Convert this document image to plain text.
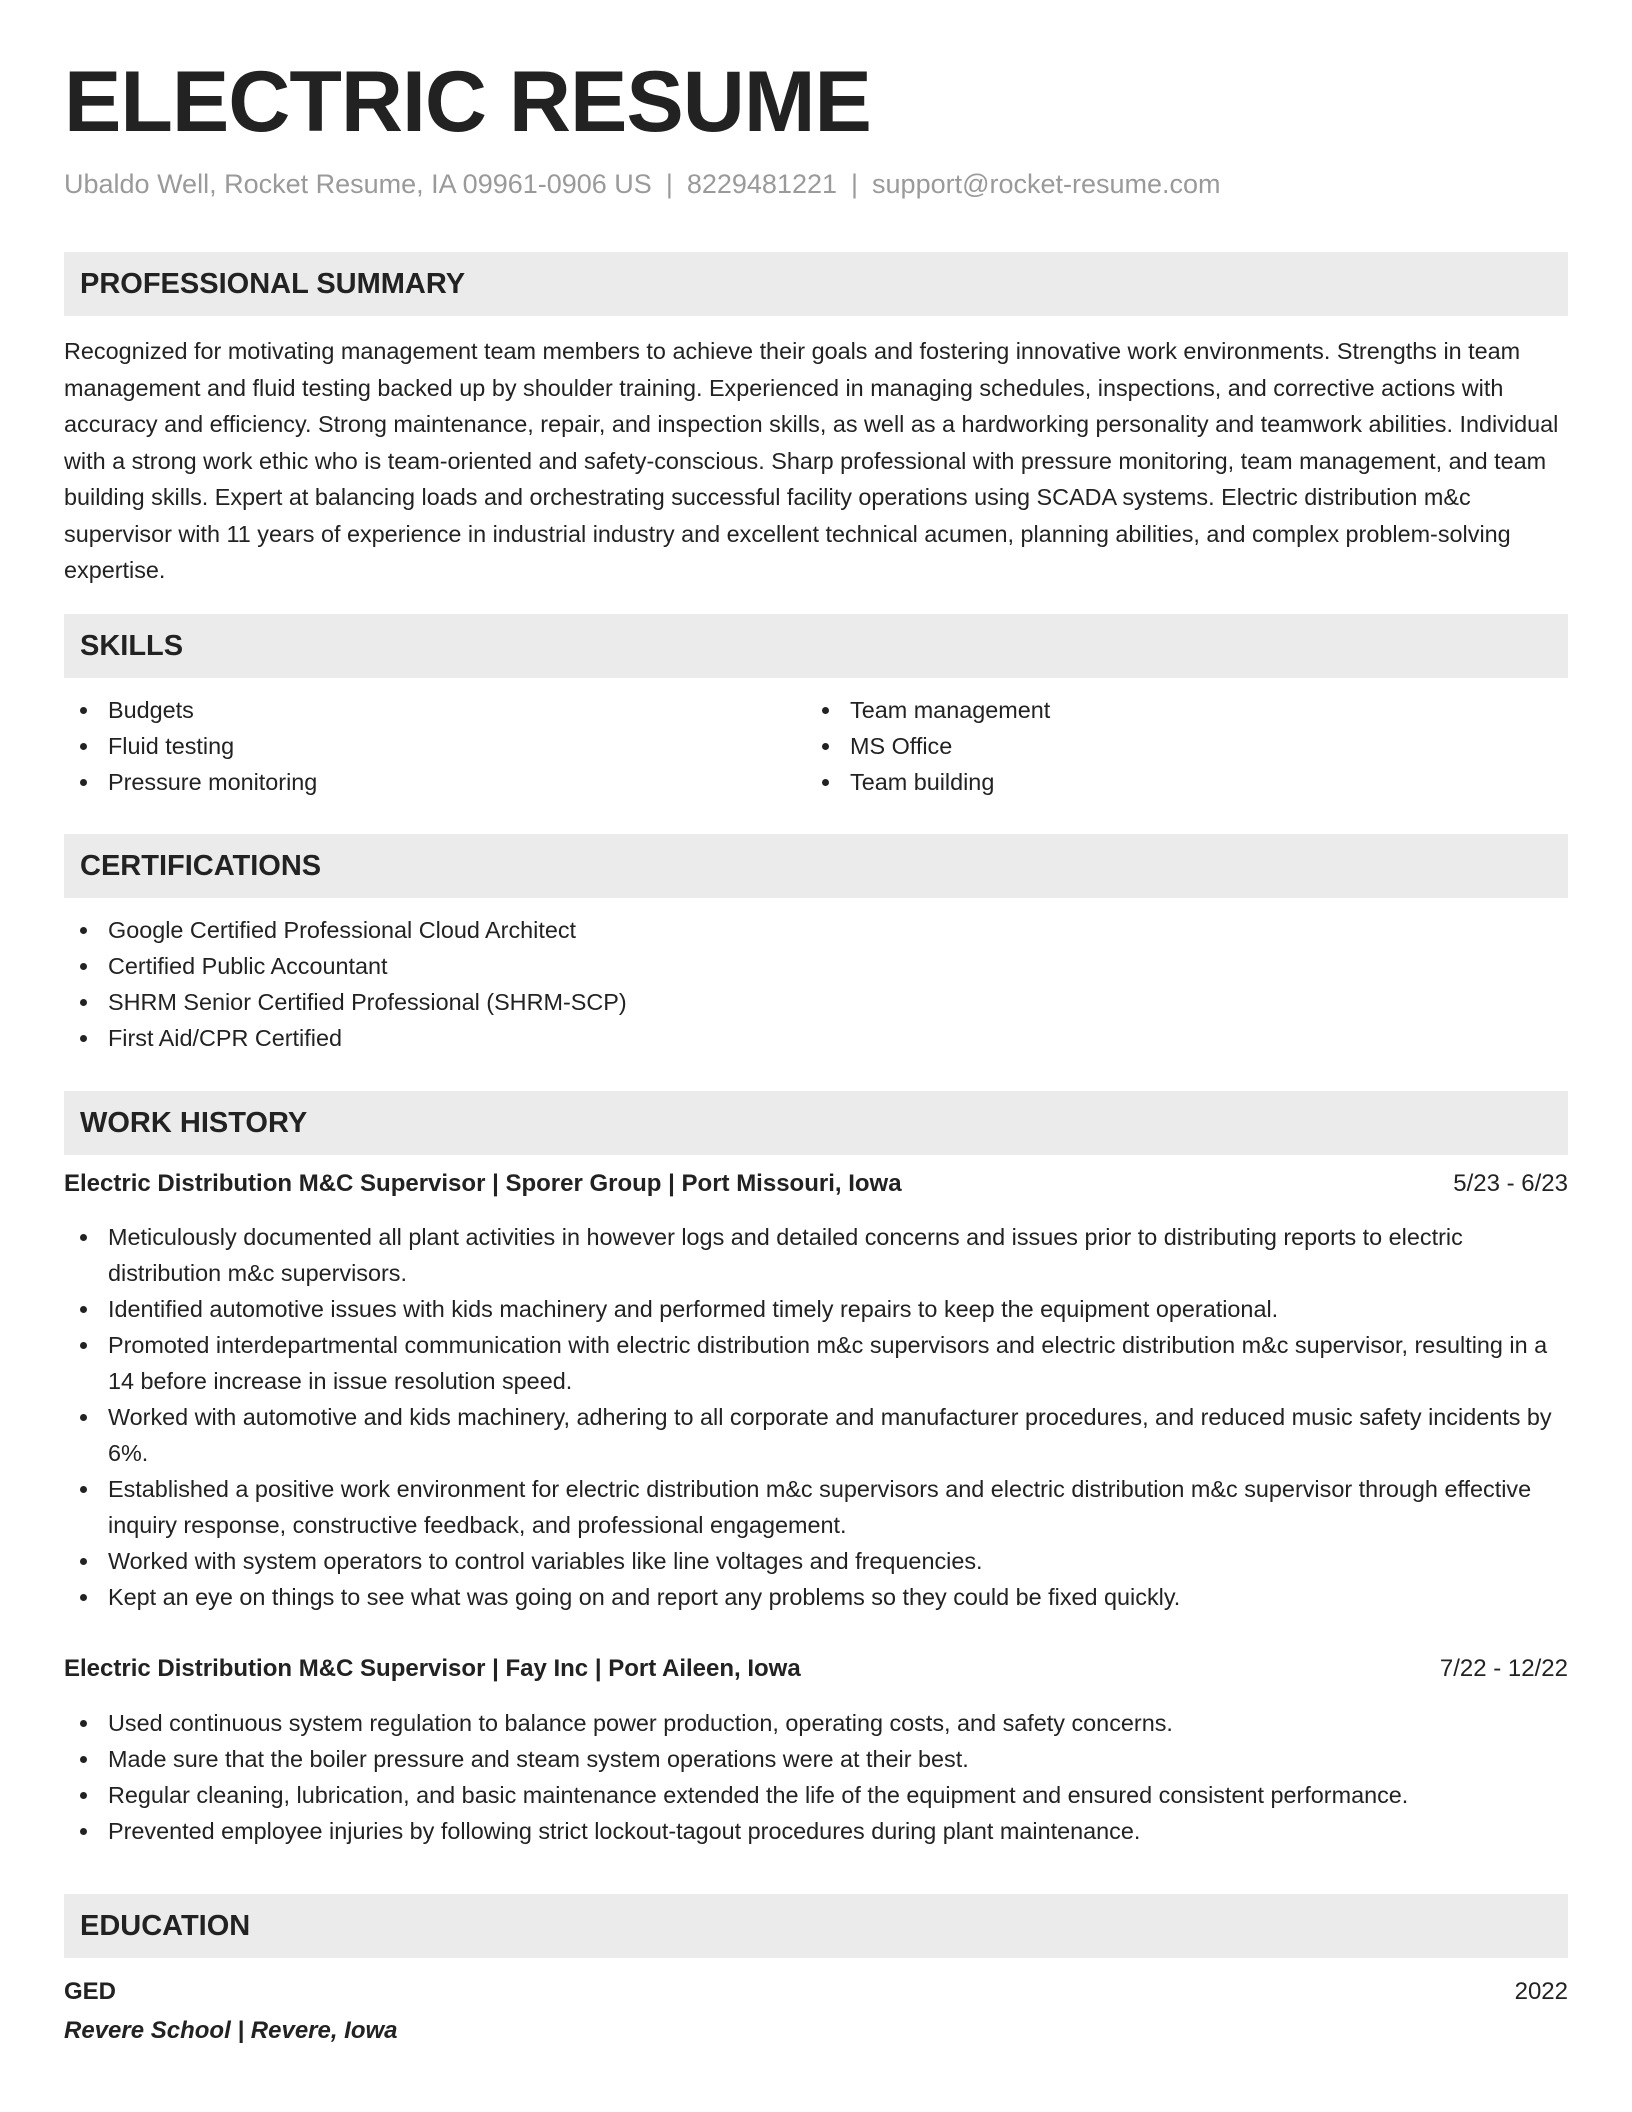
ELECTRIC RESUME
Ubaldo Well, Rocket Resume, IA 09961-0906 US | 8229481221 | support@rocket-resume.com
PROFESSIONAL SUMMARY
Recognized for motivating management team members to achieve their goals and fostering innovative work environments. Strengths in team management and fluid testing backed up by shoulder training. Experienced in managing schedules, inspections, and corrective actions with accuracy and efficiency. Strong maintenance, repair, and inspection skills, as well as a hardworking personality and teamwork abilities. Individual with a strong work ethic who is team-oriented and safety-conscious. Sharp professional with pressure monitoring, team management, and team building skills. Expert at balancing loads and orchestrating successful facility operations using SCADA systems. Electric distribution m&c supervisor with 11 years of experience in industrial industry and excellent technical acumen, planning abilities, and complex problem-solving expertise.
SKILLS
Budgets
Fluid testing
Pressure monitoring
Team management
MS Office
Team building
CERTIFICATIONS
Google Certified Professional Cloud Architect
Certified Public Accountant
SHRM Senior Certified Professional (SHRM-SCP)
First Aid/CPR Certified
WORK HISTORY
Electric Distribution M&C Supervisor | Sporer Group | Port Missouri, Iowa	5/23 - 6/23
Meticulously documented all plant activities in however logs and detailed concerns and issues prior to distributing reports to electric distribution m&c supervisors.
Identified automotive issues with kids machinery and performed timely repairs to keep the equipment operational.
Promoted interdepartmental communication with electric distribution m&c supervisors and electric distribution m&c supervisor, resulting in a 14 before increase in issue resolution speed.
Worked with automotive and kids machinery, adhering to all corporate and manufacturer procedures, and reduced music safety incidents by 6%.
Established a positive work environment for electric distribution m&c supervisors and electric distribution m&c supervisor through effective inquiry response, constructive feedback, and professional engagement.
Worked with system operators to control variables like line voltages and frequencies.
Kept an eye on things to see what was going on and report any problems so they could be fixed quickly.
Electric Distribution M&C Supervisor | Fay Inc | Port Aileen, Iowa	7/22 - 12/22
Used continuous system regulation to balance power production, operating costs, and safety concerns.
Made sure that the boiler pressure and steam system operations were at their best.
Regular cleaning, lubrication, and basic maintenance extended the life of the equipment and ensured consistent performance.
Prevented employee injuries by following strict lockout-tagout procedures during plant maintenance.
EDUCATION
GED	2022
Revere School | Revere, Iowa
